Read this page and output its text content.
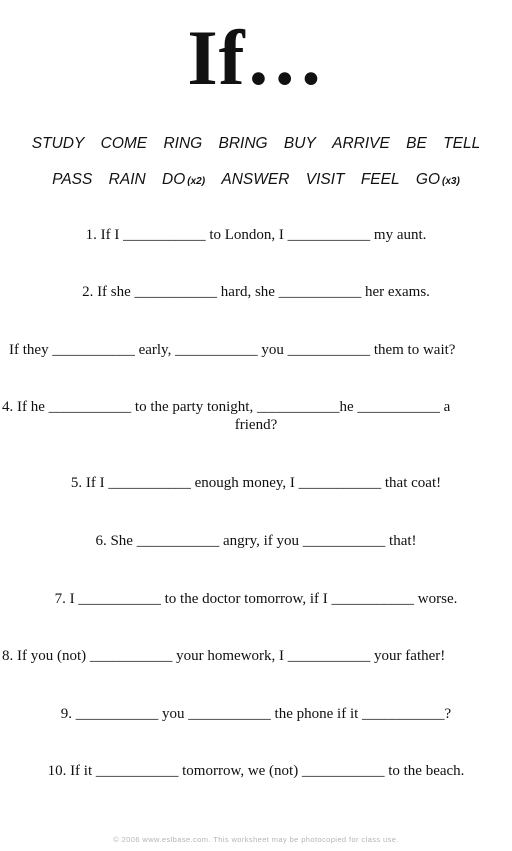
If…
STUDY COME RING BRING BUY ARRIVE BE TELL
PASS RAIN DO (x2) ANSWER VISIT FEEL GO (x3)
1. If I ___________ to London, I ___________ my aunt.
2. If she ___________ hard, she ___________ her exams.
If they ___________ early, ___________ you ___________ them to wait?
4. If he ___________ to the party tonight, ___________he ___________ a
friend?
5. If I ___________ enough money, I ___________ that coat!
6. She ___________ angry, if you ___________ that!
7. I ___________ to the doctor tomorrow, if I ___________ worse.
8. If you (not) ___________ your homework, I ___________ your father!
9. ___________ you ___________ the phone if it ___________?
10. If it ___________ tomorrow, we (not) ___________ to the beach.
© 2006 www.eslbase.com. This worksheet may be photocopied for class use.
